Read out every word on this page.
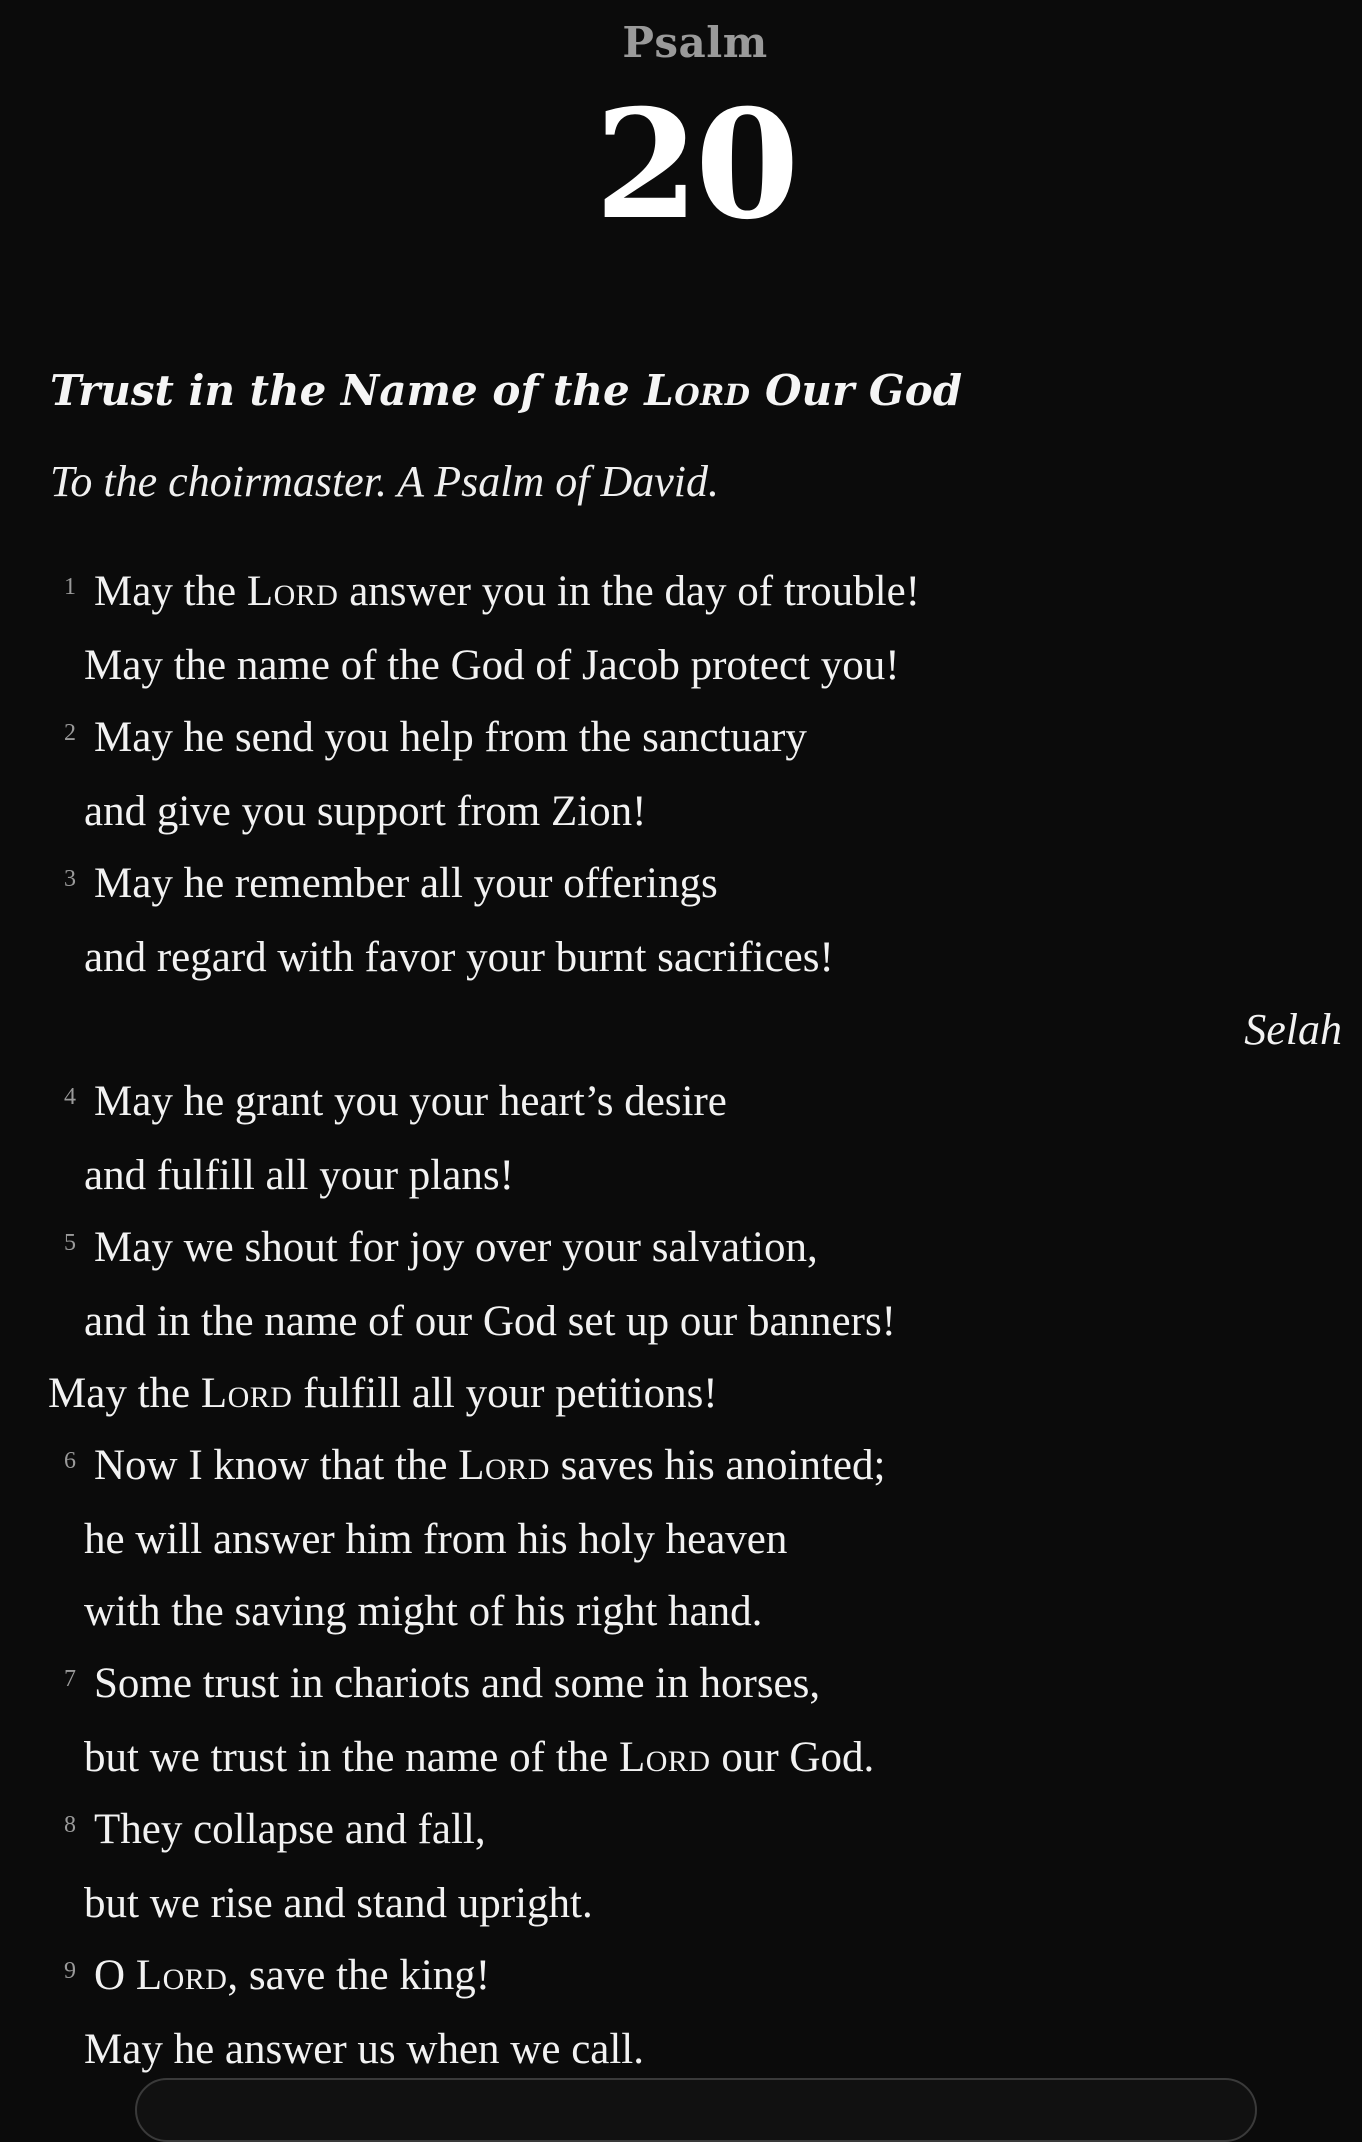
Psalm
20
Trust in the Name of the Lord Our God
To the choirmaster. A Psalm of David.
1 May the Lord answer you in the day of trouble!
May the name of the God of Jacob protect you!
2 May he send you help from the sanctuary
and give you support from Zion!
3 May he remember all your offerings
and regard with favor your burnt sacrifices!
Selah
4 May he grant you your heart’s desire
and fulfill all your plans!
5 May we shout for joy over your salvation,
and in the name of our God set up our banners!
May the Lord fulfill all your petitions!
6 Now I know that the Lord saves his anointed;
he will answer him from his holy heaven
with the saving might of his right hand.
7 Some trust in chariots and some in horses,
but we trust in the name of the Lord our God.
8 They collapse and fall,
but we rise and stand upright.
9 O Lord, save the king!
May he answer us when we call.
